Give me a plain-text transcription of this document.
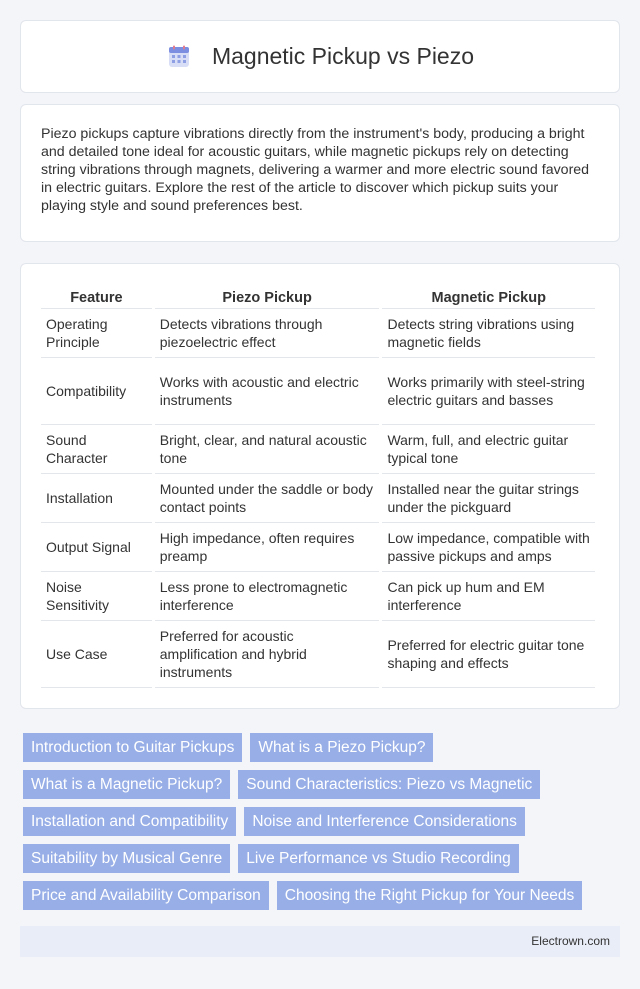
Magnetic Pickup vs Piezo

Piezo pickups capture vibrations directly from the instrument's body, producing a bright and detailed tone ideal for acoustic guitars, while magnetic pickups rely on detecting string vibrations through magnets, delivering a warmer and more electric sound favored in electric guitars. Explore the rest of the article to discover which pickup suits your playing style and sound preferences best.

Feature	Piezo Pickup	Magnetic Pickup
Operating Principle	Detects vibrations through piezoelectric effect	Detects string vibrations using magnetic fields
Compatibility	Works with acoustic and electric instruments	Works primarily with steel-string electric guitars and basses
Sound Character	Bright, clear, and natural acoustic tone	Warm, full, and electric guitar typical tone
Installation	Mounted under the saddle or body contact points	Installed near the guitar strings under the pickguard
Output Signal	High impedance, often requires preamp	Low impedance, compatible with passive pickups and amps
Noise Sensitivity	Less prone to electromagnetic interference	Can pick up hum and EM interference
Use Case	Preferred for acoustic amplification and hybrid instruments	Preferred for electric guitar tone shaping and effects
Introduction to Guitar Pickups	What is a Piezo Pickup?
What is a Magnetic Pickup?	Sound Characteristics: Piezo vs Magnetic
Installation and Compatibility	Noise and Interference Considerations
Suitability by Musical Genre	Live Performance vs Studio Recording
Price and Availability Comparison	Choosing the Right Pickup for Your Needs
Electrown.com
